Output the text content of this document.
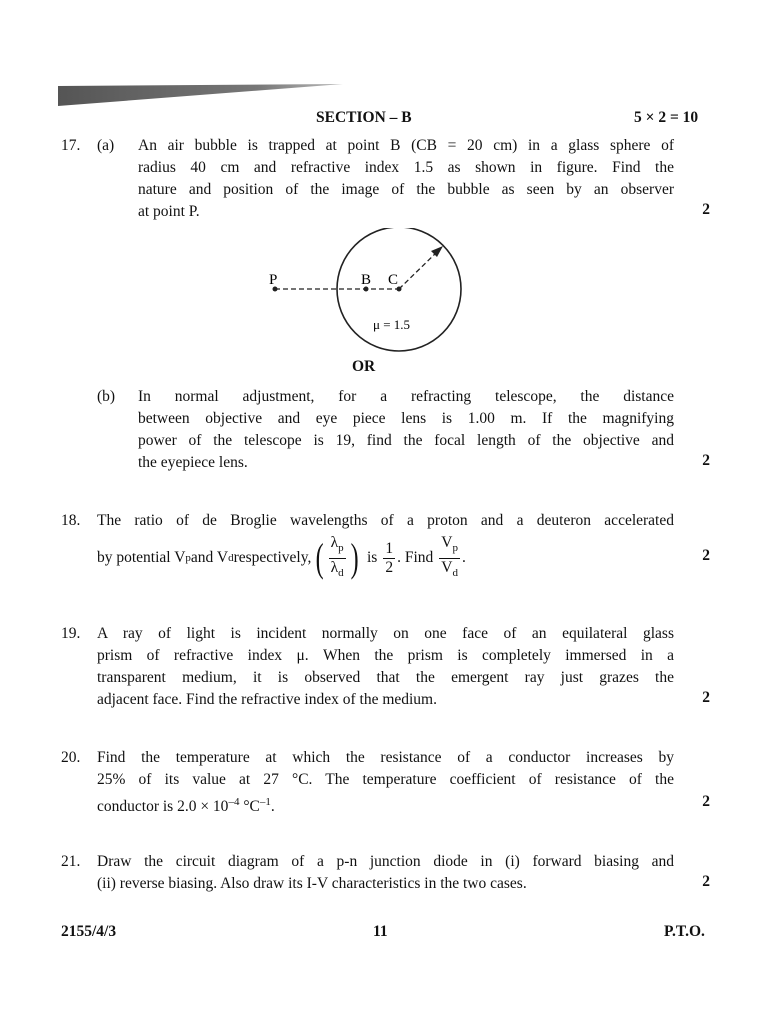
SECTION – B	5 × 2 = 10
17. (a) An air bubble is trapped at point B (CB = 20 cm) in a glass sphere of
radius 40 cm and refractive index 1.5 as shown in figure. Find the
nature and position of the image of the bubble as seen by an observer
at point P.	2
P	B C
μ = 1.5
OR
(b) In normal adjustment, for a refracting telescope, the distance
between objective and eye piece lens is 1.00 m. If the magnifying
power of the telescope is 19, find the focal length of the objective and
the eyepiece lens.	2
18. The ratio of de Broglie wavelengths of a proton and a deuteron accelerated
by potential V p and V d respectively, ( $\frac{\lambda_p}{\lambda_d}$ ) is $\frac{1}{2}$ . Find $\frac{V_p}{V_d}$ .	2
19. A ray of light is incident normally on one face of an equilateral glass
prism of refractive index μ. When the prism is completely immersed in a
transparent medium, it is observed that the emergent ray just grazes the
adjacent face. Find the refractive index of the medium.	2
20. Find the temperature at which the resistance of a conductor increases by
25% of its value at 27 °C. The temperature coefficient of resistance of the
conductor is $2.0 \times 10^{-4}$ $^\circ C^{-1}$.	2
21. Draw the circuit diagram of a p-n junction diode in (i) forward biasing and
(ii) reverse biasing. Also draw its I-V characteristics in the two cases.	2
2155/4/3	11	P.T.O.
